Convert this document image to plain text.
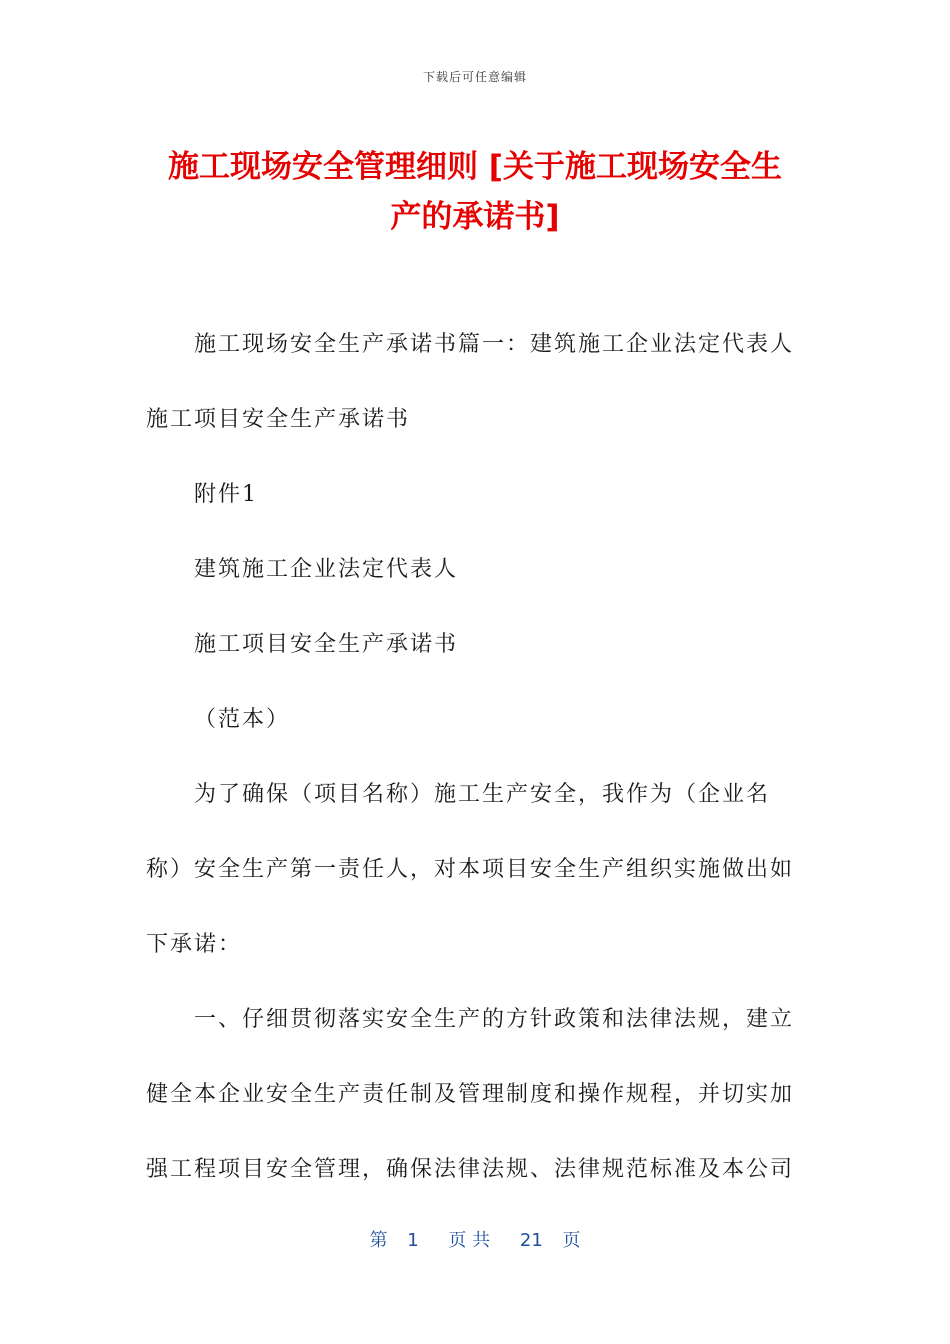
下载后可任意编辑
施工现场安全管理细则 [关于施工现场安全生
产的承诺书]
施工现场安全生产承诺书篇一：建筑施工企业法定代表人
施工项目安全生产承诺书
附件1
建筑施工企业法定代表人
施工项目安全生产承诺书
（范本）
为了确保（项目名称）施工生产安全，我作为（企业名
称）安全生产第一责任人，对本项目安全生产组织实施做出如
下承诺：
一、仔细贯彻落实安全生产的方针政策和法律法规，建立
健全本企业安全生产责任制及管理制度和操作规程，并切实加
强工程项目安全管理，确保法律法规、法律规范标准及本公司
第 1 页 共 21 页
